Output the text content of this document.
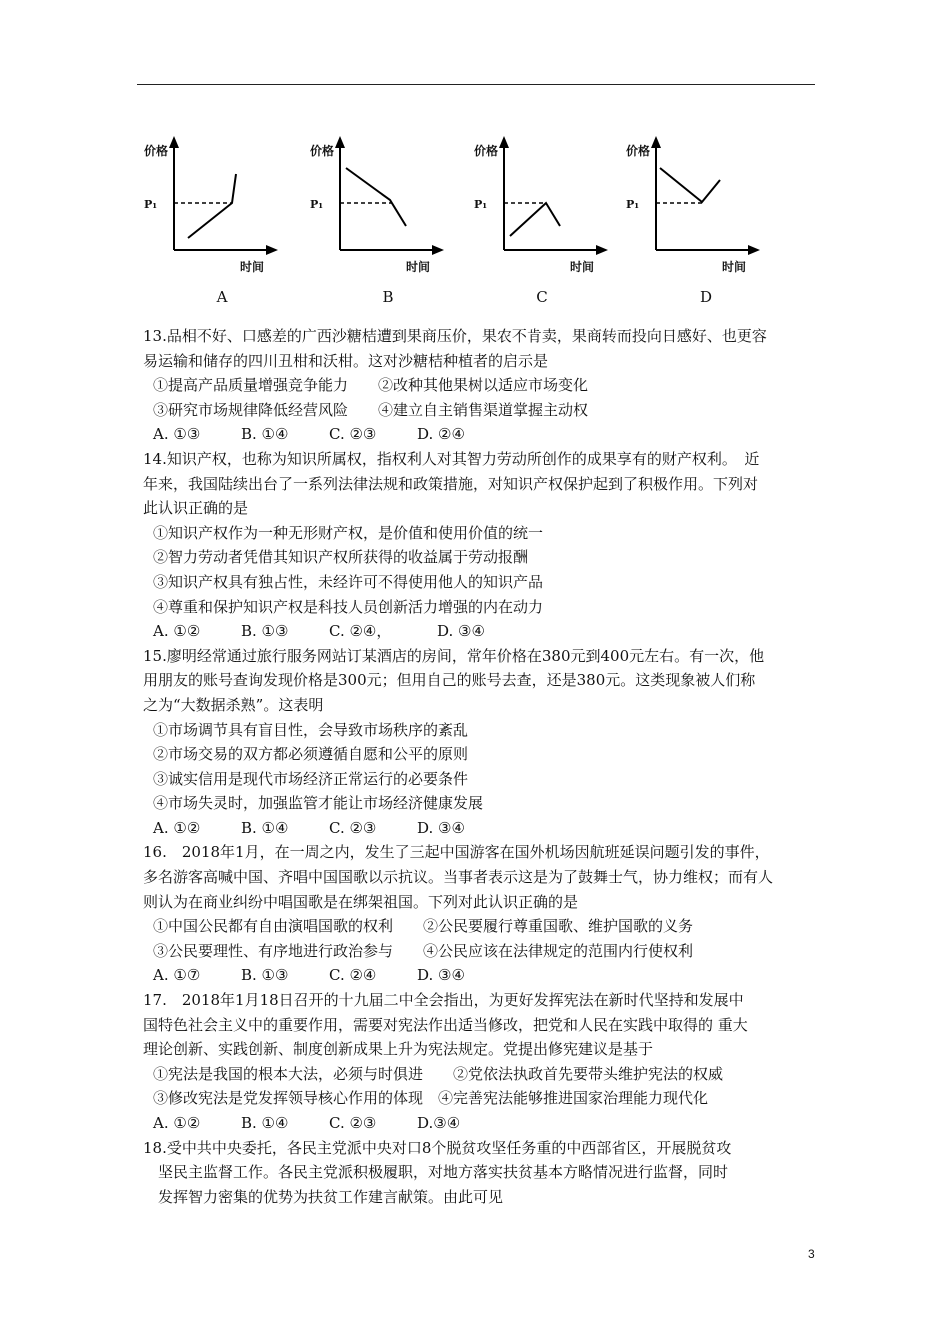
价格
P₁
时间
A
价格
P₁
时间
B
价格
P₁
时间
C
价格
P₁
时间
D

13.品相不好、口感差的广西沙糖桔遭到果商压价，果农不肯卖，果商转而投向日感好、也更容

易运输和储存的四川丑柑和沃柑。这对沙糖桔种植者的启示是

①提高产品质量增强竞争能力　　②改种其他果树以适应市场变化

③研究市场规律降低经营风险　　④建立自主销售渠道掌握主动权

A. ①③	B. ①④	C. ②③	D. ②④

14.知识产权，也称为知识所属权，指权利人对其智力劳动所创作的成果享有的财产权利。　近

年来，我国陆续出台了一系列法律法规和政策措施，对知识产权保护起到了积极作用。下列对

此认识正确的是

①知识产权作为一种无形财产权，是价值和使用价值的统一

②智力劳动者凭借其知识产权所获得的收益属于劳动报酬

③知识产权具有独占性，未经许可不得使用他人的知识产品

④尊重和保护知识产权是科技人员创新活力增强的内在动力

A. ①②	B. ①③	C. ②④，	D. ③④

15.廖明经常通过旅行服务网站订某酒店的房间，常年价格在380元到400元左右。有一次，他

用朋友的账号查询发现价格是300元；但用自己的账号去查，还是380元。这类现象被人们称

之为“大数据杀熟”。这表明

①市场调节具有盲目性，会导致市场秩序的紊乱

②市场交易的双方都必须遵循自愿和公平的原则

③诚实信用是现代市场经济正常运行的必要条件

④市场失灵时，加强监管才能让市场经济健康发展

A. ①②	B. ①④	C. ②③	D. ③④

16.　2018年1月，在一周之内，发生了三起中国游客在国外机场因航班延误问题引发的事件，

多名游客高喊中国、齐唱中国国歌以示抗议。当事者表示这是为了鼓舞士气，协力维权；而有人

则认为在商业纠纷中唱国歌是在绑架祖国。下列对此认识正确的是

①中国公民都有自由演唱国歌的权利　　②公民要履行尊重国歌、维护国歌的义务

③公民要理性、有序地进行政治参与　　④公民应该在法律规定的范围内行使权利

A. ①⑦	B. ①③	C. ②④	D. ③④

17.　2018年1月18日召开的十九届二中全会指出，为更好发挥宪法在新时代坚持和发展中

国特色社会主义中的重要作用，需要对宪法作出适当修改，把党和人民在实践中取得的 重大

理论创新、实践创新、制度创新成果上升为宪法规定。党提出修宪建议是基于

①宪法是我国的根本大法，必须与时俱进　　②党依法执政首先要带头维护宪法的权威

③修改宪法是党发挥领导核心作用的体现　④完善宪法能够推进国家治理能力现代化

A. ①②	B. ①④	C. ②③	D.③④

18.受中共中央委托，各民主党派中央对口8个脱贫攻坚任务重的中西部省区，开展脱贫攻

　坚民主监督工作。各民主党派积极履职，对地方落实扶贫基本方略情况进行监督，同时

　发挥智力密集的优势为扶贫工作建言献策。由此可见

3
